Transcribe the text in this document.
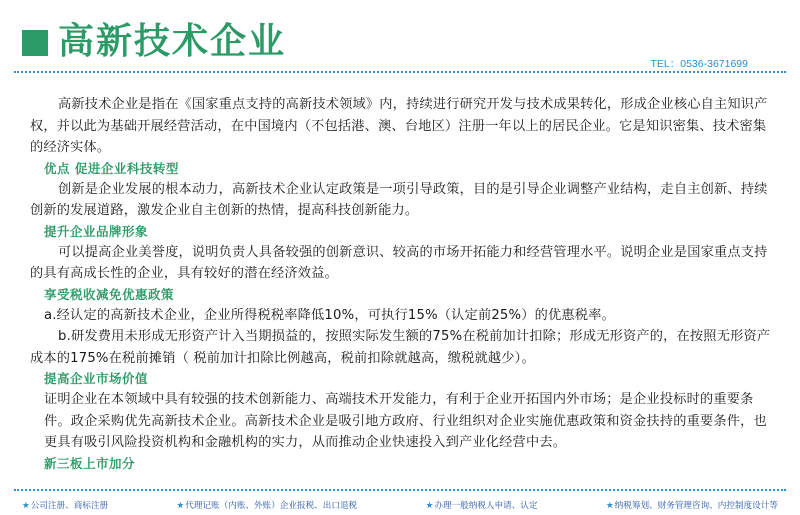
高新技术企业
TEL：0536-3671699

高新技术企业是指在《国家重点支持的高新技术领域》内，持续进行研究开发与技术成果转化，形成企业核心自主知识产权，并以此为基础开展经营活动，在中国境内（不包括港、澳、台地区）注册一年以上的居民企业。它是知识密集、技术密集的经济实体。

优点 促进企业科技转型

创新是企业发展的根本动力，高新技术企业认定政策是一项引导政策，目的是引导企业调整产业结构，走自主创新、持续创新的发展道路，激发企业自主创新的热情，提高科技创新能力。

提升企业品牌形象

可以提高企业美誉度，说明负责人具备较强的创新意识、较高的市场开拓能力和经营管理水平。说明企业是国家重点支持的具有高成长性的企业，具有较好的潜在经济效益。

享受税收减免优惠政策

a.经认定的高新技术企业，企业所得税税率降低10%，可执行15%（认定前25%）的优惠税率。

b.研发费用未形成无形资产计入当期损益的，按照实际发生额的75%在税前加计扣除；形成无形资产的，在按照无形资产成本的175%在税前摊销（ 税前加计扣除比例越高，税前扣除就越高，缴税就越少）。

提高企业市场价值

证明企业在本领域中具有较强的技术创新能力、高端技术开发能力，有利于企业开拓国内外市场；是企业投标时的重要条件。政企采购优先高新技术企业。高新技术企业是吸引地方政府、行业组织对企业实施优惠政策和资金扶持的重要条件，也更具有吸引风险投资机构和金融机构的实力，从而推动企业快速投入到产业化经营中去。

新三板上市加分

★公司注册、商标注册	★代理记账（内账、外账）企业报税、出口退税	★办理一般纳税人申请、认定	★纳税筹划、财务管理咨询、内控制度设计等
